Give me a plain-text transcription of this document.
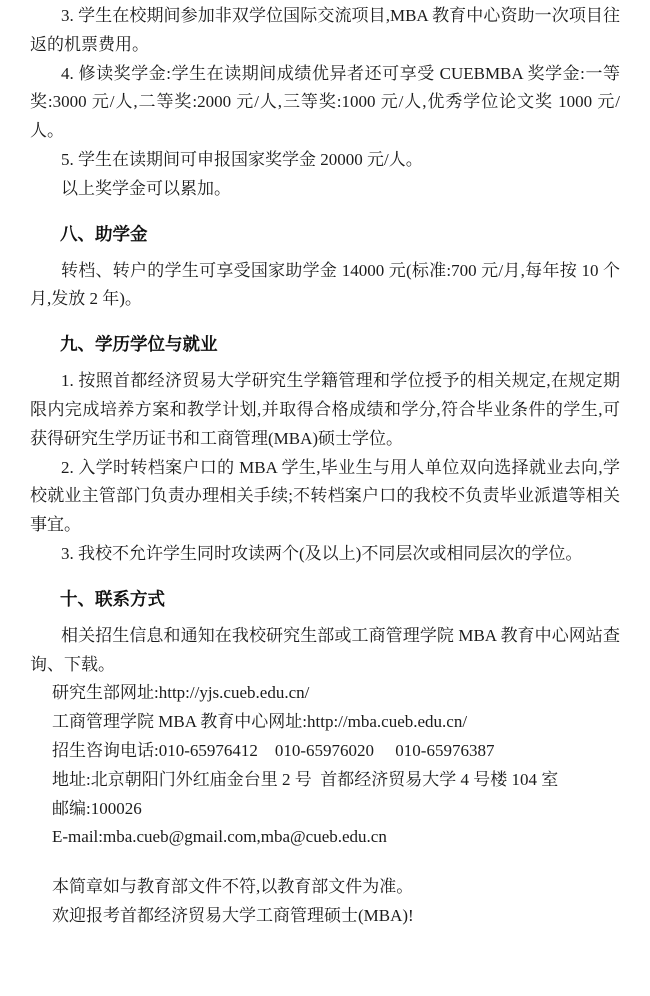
3. 学生在校期间参加非双学位国际交流项目,MBA 教育中心资助一次项目往返的机票费用。

4. 修读奖学金:学生在读期间成绩优异者还可享受 CUEBMBA 奖学金:一等奖:3000 元/人,二等奖:2000 元/人,三等奖:1000 元/人,优秀学位论文奖 1000 元/人。

5. 学生在读期间可申报国家奖学金 20000 元/人。

以上奖学金可以累加。

八、助学金

转档、转户的学生可享受国家助学金 14000 元(标准:700 元/月,每年按 10 个月,发放 2 年)。

九、学历学位与就业

1. 按照首都经济贸易大学研究生学籍管理和学位授予的相关规定,在规定期限内完成培养方案和教学计划,并取得合格成绩和学分,符合毕业条件的学生,可获得研究生学历证书和工商管理(MBA)硕士学位。

2. 入学时转档案户口的 MBA 学生,毕业生与用人单位双向选择就业去向,学校就业主管部门负责办理相关手续;不转档案户口的我校不负责毕业派遣等相关事宜。

3. 我校不允许学生同时攻读两个(及以上)不同层次或相同层次的学位。

十、联系方式

相关招生信息和通知在我校研究生部或工商管理学院 MBA 教育中心网站查询、下载。

研究生部网址:http://yjs.cueb.edu.cn/

工商管理学院 MBA 教育中心网址:http://mba.cueb.edu.cn/

招生咨询电话:010-65976412    010-65976020     010-65976387

地址:北京朝阳门外红庙金台里 2 号  首都经济贸易大学 4 号楼 104 室

邮编:100026

E-mail:mba.cueb@gmail.com,mba@cueb.edu.cn

本简章如与教育部文件不符,以教育部文件为准。

欢迎报考首都经济贸易大学工商管理硕士(MBA)!
